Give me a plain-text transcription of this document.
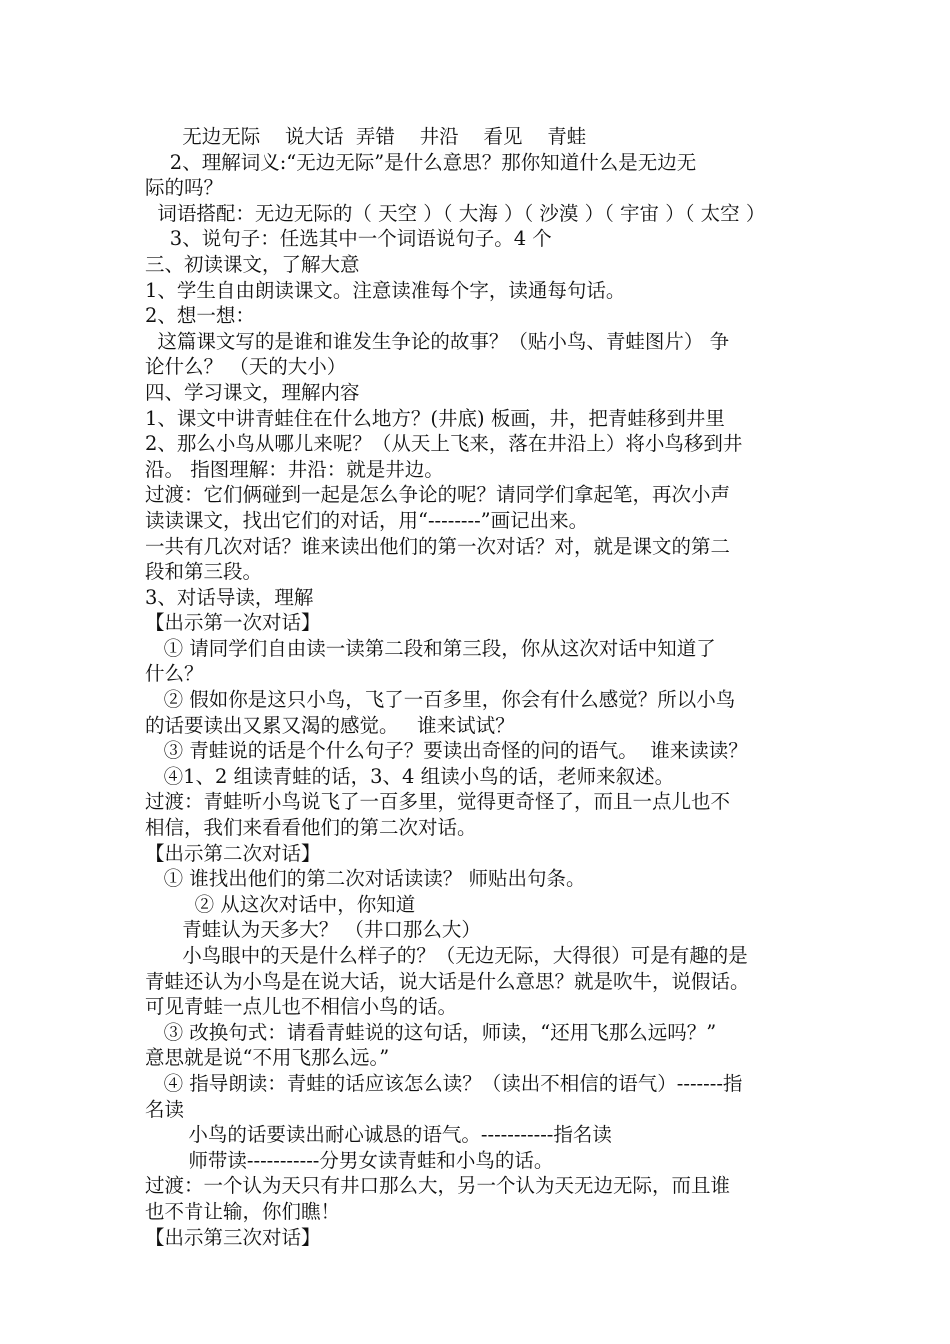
无边无际    说大话  弄错    井沿    看见    青蛙

2、理解词义:“无边无际”是什么意思？那你知道什么是无边无

际的吗？

词语搭配：无边无际的（ 天空 ）（ 大海 ）（ 沙漠 ）（ 宇宙 ）（ 太空 ）

3、说句子：任选其中一个词语说句子。4 个

三、初读课文，了解大意

1、学生自由朗读课文。注意读准每个字，读通每句话。

2、想一想：

这篇课文写的是谁和谁发生争论的故事？（贴小鸟、青蛙图片） 争

论什么？ （天的大小）

四、学习课文，理解内容

1、课文中讲青蛙住在什么地方？(井底) 板画，井，把青蛙移到井里

2、那么小鸟从哪儿来呢？（从天上飞来，落在井沿上）将小鸟移到井

沿。 指图理解：井沿：就是井边。

过渡：它们俩碰到一起是怎么争论的呢？请同学们拿起笔，再次小声

读读课文，找出它们的对话，用“--------”画记出来。

一共有几次对话？谁来读出他们的第一次对话？对，就是课文的第二

段和第三段。

3、对话导读，理解

【出示第一次对话】

① 请同学们自由读一读第二段和第三段，你从这次对话中知道了

什么？

② 假如你是这只小鸟，飞了一百多里，你会有什么感觉？所以小鸟

的话要读出又累又渴的感觉。   谁来试试？

③ 青蛙说的话是个什么句子？要读出奇怪的问的语气。  谁来读读？

④1、2 组读青蛙的话，3、4 组读小鸟的话，老师来叙述。

过渡：青蛙听小鸟说飞了一百多里，觉得更奇怪了，而且一点儿也不

相信，我们来看看他们的第二次对话。

【出示第二次对话】

① 谁找出他们的第二次对话读读？ 师贴出句条。

② 从这次对话中，你知道

青蛙认为天多大？ （井口那么大）

小鸟眼中的天是什么样子的？（无边无际，大得很）可是有趣的是

青蛙还认为小鸟是在说大话，说大话是什么意思？就是吹牛，说假话。

可见青蛙一点儿也不相信小鸟的话。

③ 改换句式：请看青蛙说的这句话，师读，“还用飞那么远吗？”

意思就是说“不用飞那么远。”

④ 指导朗读：青蛙的话应该怎么读？（读出不相信的语气）-------指

名读

小鸟的话要读出耐心诚恳的语气。-----------指名读

师带读-----------分男女读青蛙和小鸟的话。

过渡：一个认为天只有井口那么大，另一个认为天无边无际，而且谁

也不肯让输，你们瞧！

【出示第三次对话】
